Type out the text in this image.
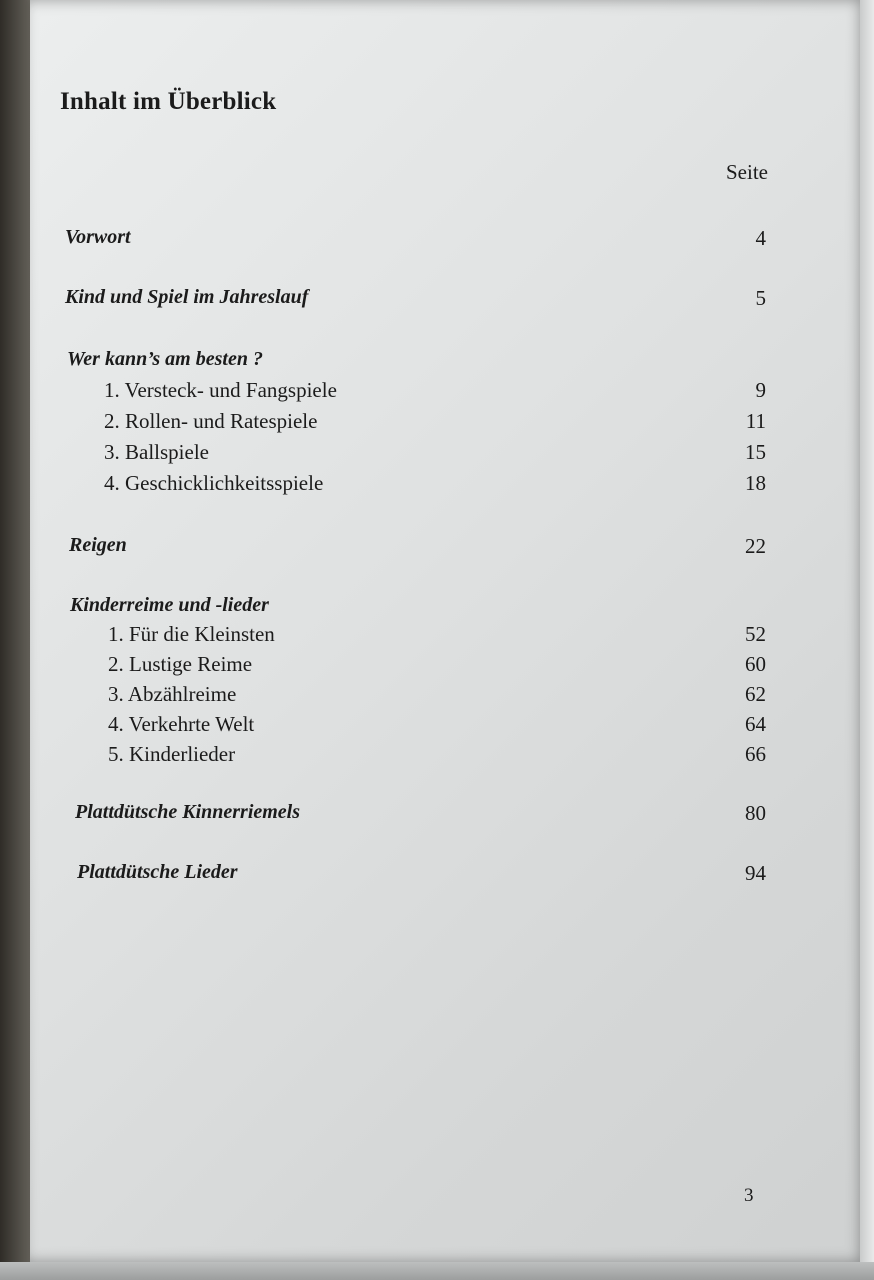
Inhalt im Überblick
Seite
Vorwort	4
Kind und Spiel im Jahreslauf	5
Wer kann’s am besten ?
1. Versteck- und Fangspiele	9
2. Rollen- und Ratespiele	11
3. Ballspiele	15
4. Geschicklichkeitsspiele	18
Reigen	22
Kinderreime und -lieder
1. Für die Kleinsten	52
2. Lustige Reime	60
3. Abzählreime	62
4. Verkehrte Welt	64
5. Kinderlieder	66
Plattdütsche Kinnerriemels	80
Plattdütsche Lieder	94
3
